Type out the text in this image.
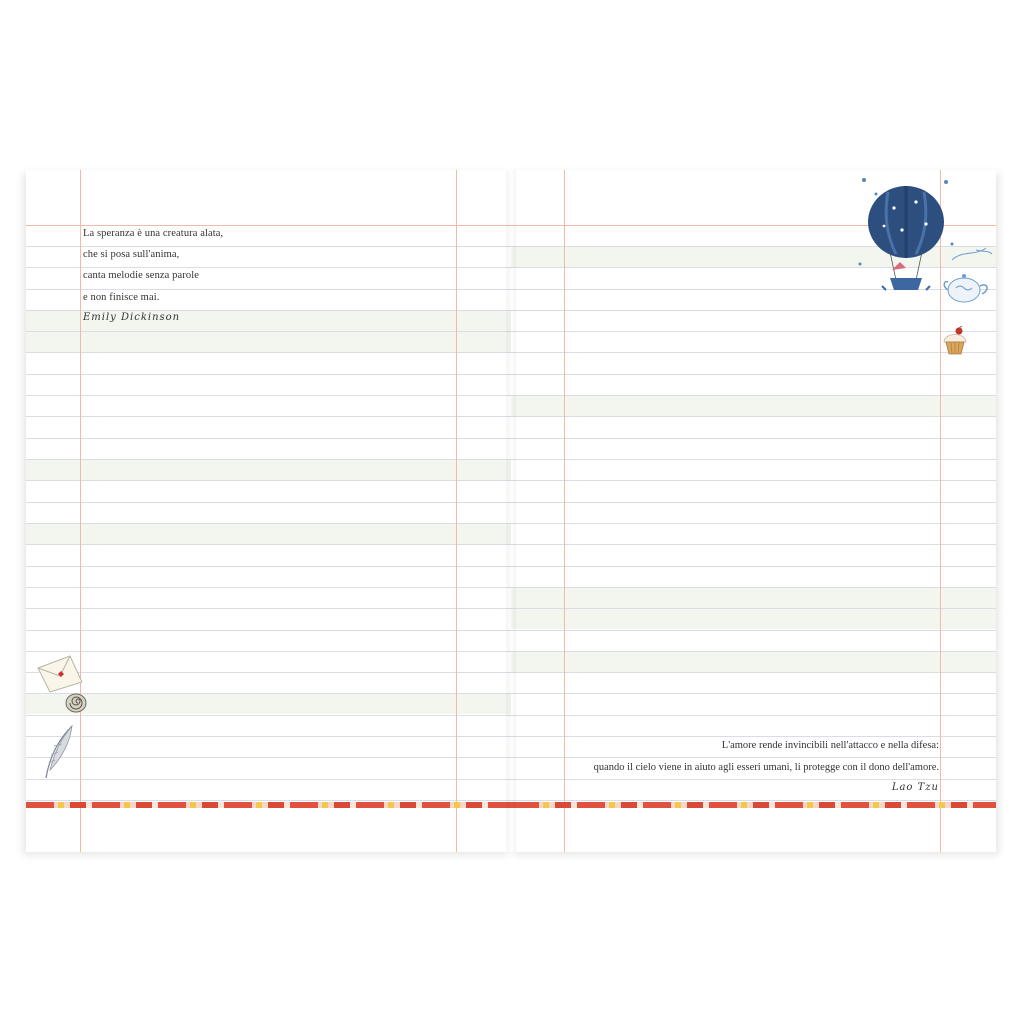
La speranza è una creatura alata,
che si posa sull'anima,
canta melodie senza parole
e non finisce mai.
Emily Dickinson
L'amore rende invincibili nell'attacco e nella difesa:
quando il cielo viene in aiuto agli esseri umani, li protegge con il dono dell'amore.
Lao Tzu
